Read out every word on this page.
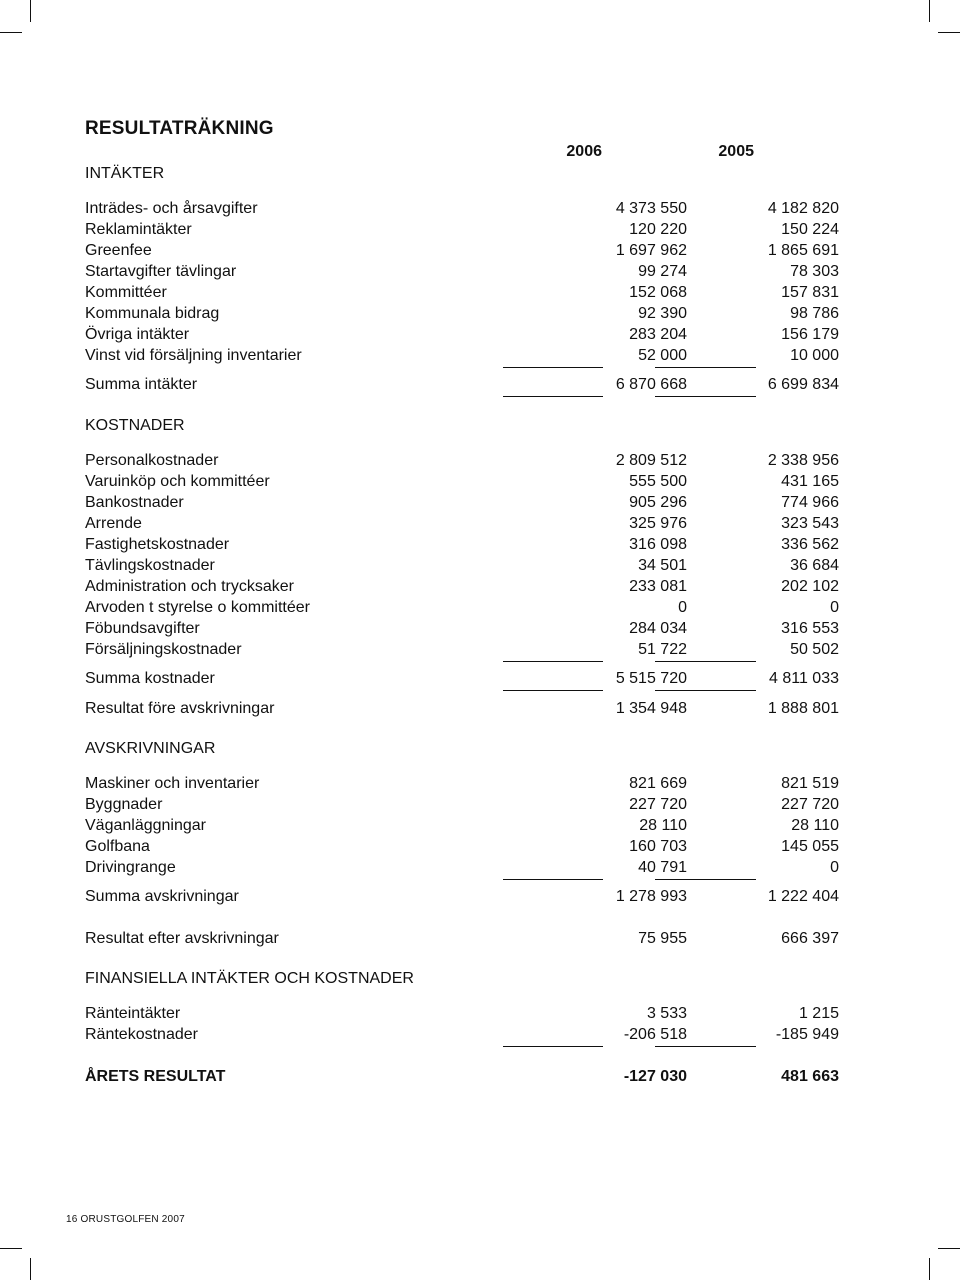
RESULTATRÄKNING
2006	2005
INTÄKTER
Inträdes- och årsavgifter	4 373 550	4 182 820
Reklamintäkter	120 220	150 224
Greenfee	1 697 962	1 865 691
Startavgifter tävlingar	99 274	78 303
Kommittéer	152 068	157 831
Kommunala bidrag	92 390	98 786
Övriga intäkter	283 204	156 179
Vinst vid försäljning inventarier	52 000	10 000
Summa intäkter	6 870 668	6 699 834
KOSTNADER
Personalkostnader	2 809 512	2 338 956
Varuinköp och kommittéer	555 500	431 165
Bankostnader	905 296	774 966
Arrende	325 976	323 543
Fastighetskostnader	316 098	336 562
Tävlingskostnader	34 501	36 684
Administration och trycksaker	233 081	202 102
Arvoden t styrelse o kommittéer	0	0
Föbundsavgifter	284 034	316 553
Försäljningskostnader	51 722	50 502
Summa kostnader	5 515 720	4 811 033
Resultat före avskrivningar	1 354 948	1 888 801
AVSKRIVNINGAR
Maskiner och inventarier	821 669	821 519
Byggnader	227 720	227 720
Väganläggningar	28 110	28 110
Golfbana	160 703	145 055
Drivingrange	40 791	0
Summa avskrivningar	1 278 993	1 222 404
Resultat efter avskrivningar	75 955	666 397
FINANSIELLA INTÄKTER OCH KOSTNADER
Ränteintäkter	3 533	1 215
Räntekostnader	-206 518	-185 949
ÅRETS RESULTAT	-127 030	481 663
16 ORUSTGOLFEN 2007
